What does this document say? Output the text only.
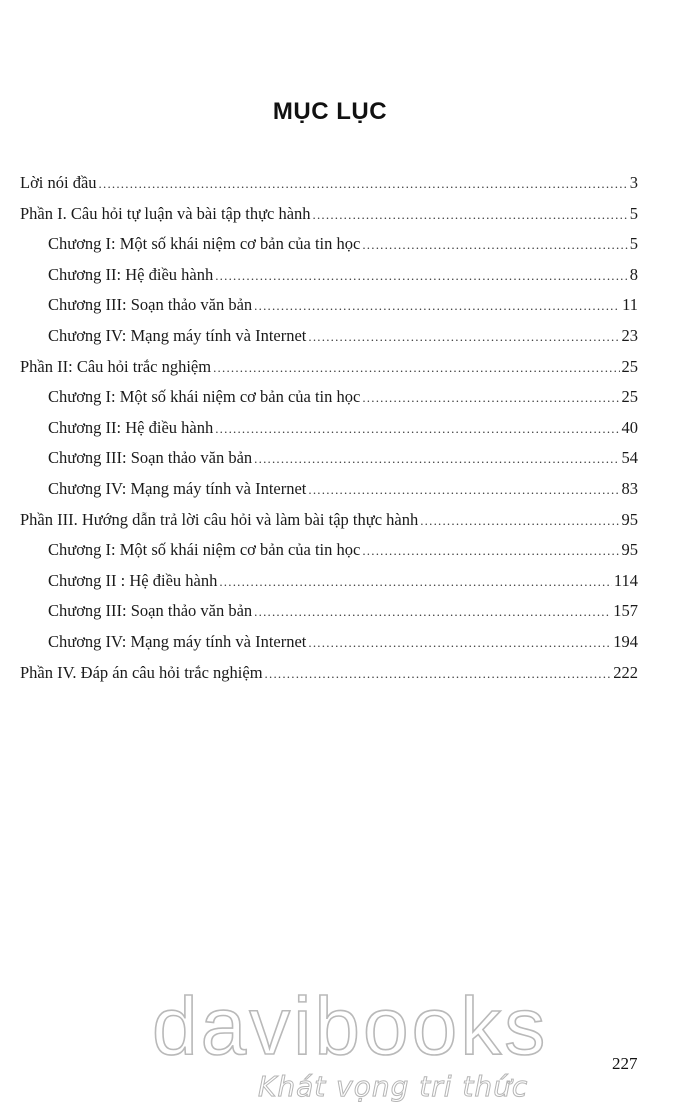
MỤC LỤC
Lời nói đầu .....	3
Phần I. Câu hỏi tự luận và bài tập thực hành .....	5
Chương I: Một số khái niệm cơ bản của tin học .....	5
Chương II: Hệ điều hành .....	8
Chương III: Soạn thảo văn bản .....	11
Chương IV: Mạng máy tính và Internet .....	23
Phần II: Câu hỏi trắc nghiệm .....	25
Chương I: Một số khái niệm cơ bản của tin học .....	25
Chương II: Hệ điều hành .....	40
Chương III: Soạn thảo văn bản .....	54
Chương IV: Mạng máy tính và Internet .....	83
Phần III. Hướng dẫn trả lời câu hỏi và làm bài tập thực hành .....	95
Chương I: Một số khái niệm cơ bản của tin học .....	95
Chương II : Hệ điều hành .....	114
Chương III: Soạn thảo văn bản .....	157
Chương IV: Mạng máy tính và Internet .....	194
Phần IV. Đáp án câu hỏi trắc nghiệm .....	222
davibooks
Khát vọng tri thức
227
